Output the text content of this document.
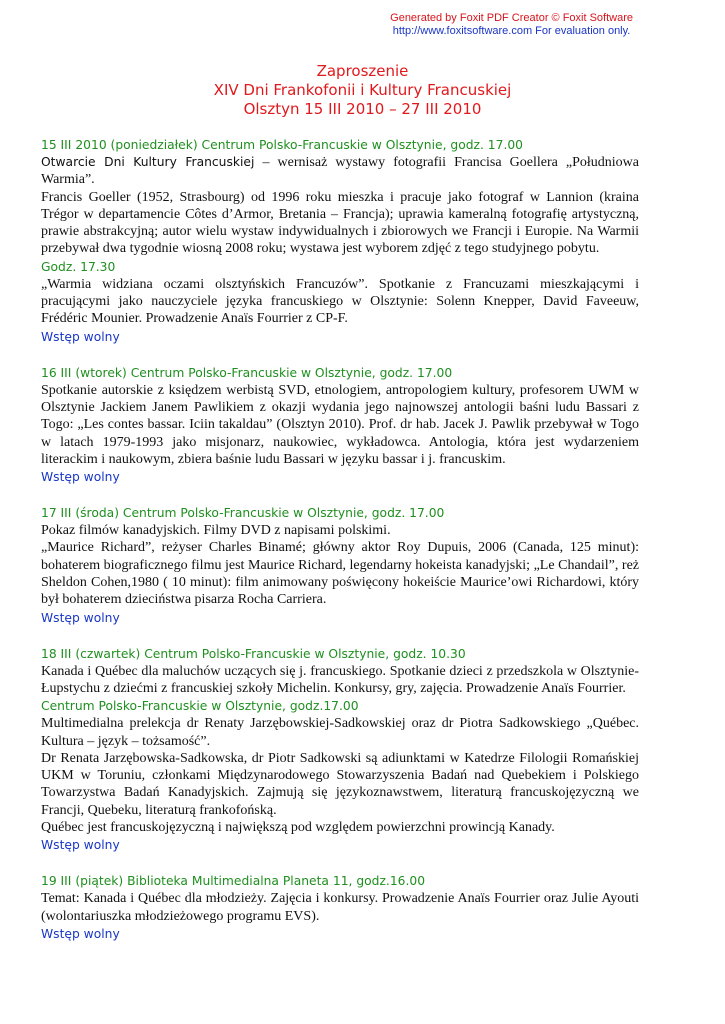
Generated by Foxit PDF Creator © Foxit Software
http://www.foxitsoftware.com For evaluation only.
Zaproszenie
XIV Dni Frankofonii i Kultury Francuskiej
Olsztyn 15 III 2010 – 27 III 2010
15 III 2010 (poniedziałek) Centrum Polsko-Francuskie w Olsztynie, godz. 17.00
Otwarcie Dni Kultury Francuskiej – wernisaż wystawy fotografii Francisa Goellera „Południowa Warmia”.
Francis Goeller (1952, Strasbourg) od 1996 roku mieszka i pracuje jako fotograf w Lannion (kraina Trégor w departamencie Côtes d’Armor, Bretania – Francja); uprawia kameralną fotografię artystyczną, prawie abstrakcyjną; autor wielu wystaw indywidualnych i zbiorowych we Francji i Europie. Na Warmii przebywał dwa tygodnie wiosną 2008 roku; wystawa jest wyborem zdjęć z tego studyjnego pobytu.
Godz. 17.30
„Warmia widziana oczami olsztyńskich Francuzów”. Spotkanie z Francuzami mieszkającymi i pracującymi jako nauczyciele języka francuskiego w Olsztynie: Solenn Knepper, David Faveeuw, Frédéric Mounier. Prowadzenie Anaïs Fourrier z CP-F.
Wstęp wolny
16 III (wtorek) Centrum Polsko-Francuskie w Olsztynie, godz. 17.00
Spotkanie autorskie z księdzem werbistą SVD, etnologiem, antropologiem kultury, profesorem UWM w Olsztynie Jackiem Janem Pawlikiem z okazji wydania jego najnowszej antologii baśni ludu Bassari z Togo: „Les contes bassar. Iciin takaldau” (Olsztyn 2010). Prof. dr hab. Jacek J. Pawlik przebywał w Togo w latach 1979-1993 jako misjonarz, naukowiec, wykładowca. Antologia, która jest wydarzeniem literackim i naukowym, zbiera baśnie ludu Bassari w języku bassar i j. francuskim.
Wstęp wolny
17 III (środa) Centrum Polsko-Francuskie w Olsztynie, godz. 17.00
Pokaz filmów kanadyjskich. Filmy DVD z napisami polskimi.
„Maurice Richard”, reżyser Charles Binamé; główny aktor Roy Dupuis, 2006 (Canada, 125 minut): bohaterem biograficznego filmu jest Maurice Richard, legendarny hokeista kanadyjski; „Le Chandail”, reż Sheldon Cohen,1980 ( 10 minut): film animowany poświęcony hokeiście Maurice’owi Richardowi, który był bohaterem dzieciństwa pisarza Rocha Carriera.
Wstęp wolny
18 III (czwartek) Centrum Polsko-Francuskie w Olsztynie, godz. 10.30
Kanada i Québec dla maluchów uczących się j. francuskiego. Spotkanie dzieci z przedszkola w Olsztynie-Łupstychu z dziećmi z francuskiej szkoły Michelin. Konkursy, gry, zajęcia. Prowadzenie Anaïs Fourrier.
Centrum Polsko-Francuskie w Olsztynie, godz.17.00
Multimedialna prelekcja dr Renaty Jarzębowskiej-Sadkowskiej oraz dr Piotra Sadkowskiego „Québec. Kultura – język – tożsamość”.
Dr Renata Jarzębowska-Sadkowska, dr Piotr Sadkowski są adiunktami w Katedrze Filologii Romańskiej UKM w Toruniu, członkami Międzynarodowego Stowarzyszenia Badań nad Quebekiem i Polskiego Towarzystwa Badań Kanadyjskich. Zajmują się językoznawstwem, literaturą francuskojęzyczną we Francji, Quebeku, literaturą frankofońską.
Québec jest francuskojęzyczną i największą pod względem powierzchni prowincją Kanady.
Wstęp wolny
19 III (piątek) Biblioteka Multimedialna Planeta 11, godz.16.00
Temat: Kanada i Québec dla młodzieży. Zajęcia i konkursy. Prowadzenie Anaïs Fourrier oraz Julie Ayouti (wolontariuszka młodzieżowego programu EVS).
Wstęp wolny
